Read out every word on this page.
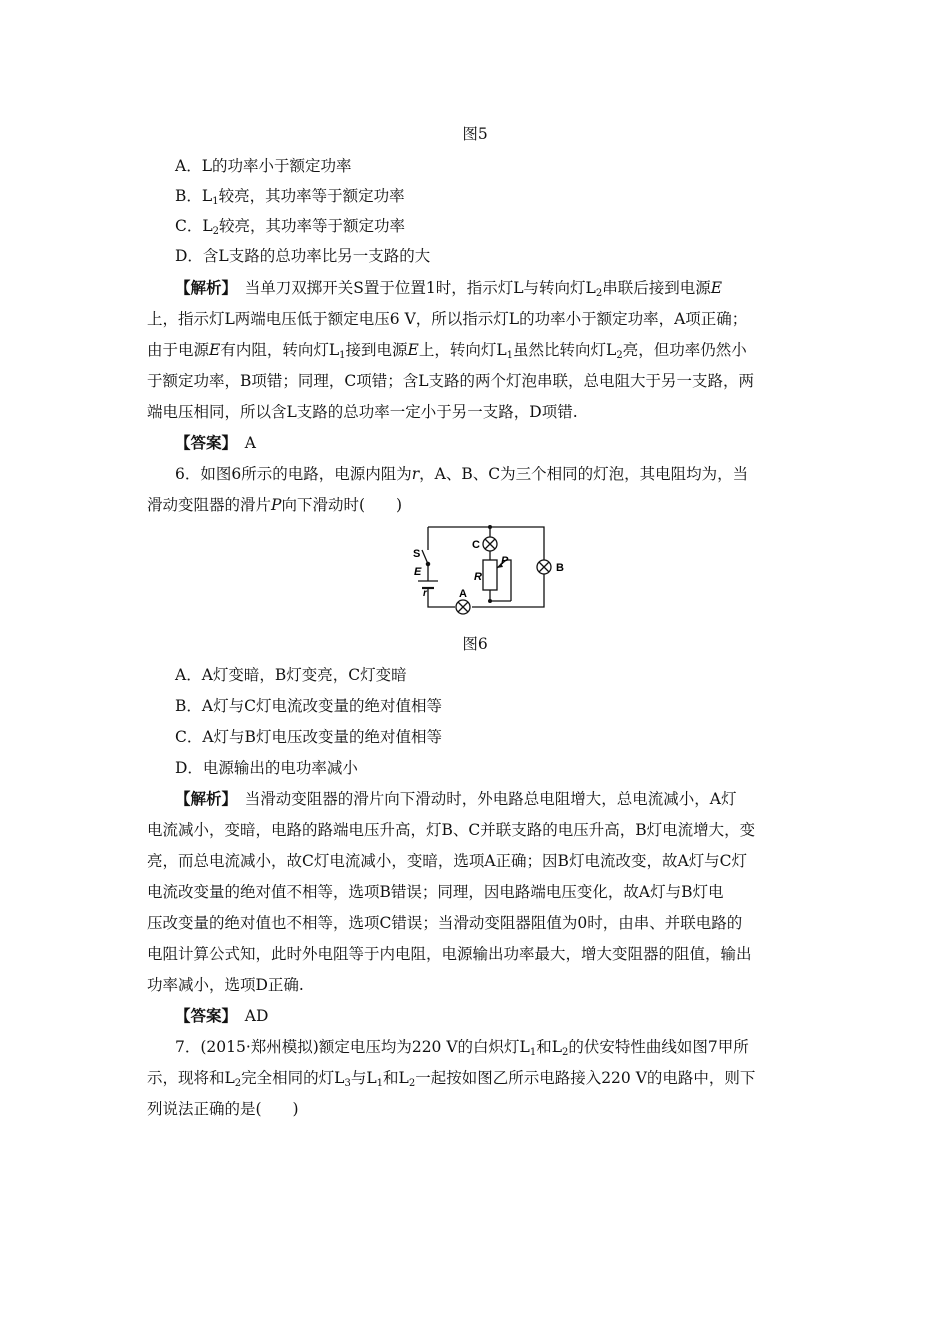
图5
A．L的功率小于额定功率
B．$L_1$较亮，其功率等于额定功率
C．$L_2$较亮，其功率等于额定功率
D．含L支路的总功率比另一支路的大
【解析】　 当单刀双掷开关S置于位置1时，指示灯L与转向灯$L_2$串联后接到电源E
上，指示灯L两端电压低于额定电压6 V，所以指示灯L的功率小于额定功率，A项正确；
由于电源E有内阻，转向灯$L_1$接到电源E上，转向灯$L_1$虽然比转向灯$L_2$亮，但功率仍然小
于额定功率，B项错；同理，C项错；含L支路的两个灯泡串联，总电阻大于另一支路，两
端电压相同，所以含L支路的总功率一定小于另一支路，D项错.
【答案】　 A
6．如图6所示的电路，电源内阻为r，A、B、C为三个相同的灯泡，其电阻均为，当
滑动变阻器的滑片P向下滑动时(　　)
S
E
r
C
R
P
A
B
图6
A．A灯变暗，B灯变亮，C灯变暗
B．A灯与C灯电流改变量的绝对值相等
C．A灯与B灯电压改变量的绝对值相等
D．电源输出的电功率减小
【解析】　 当滑动变阻器的滑片向下滑动时，外电路总电阻增大，总电流减小，A灯
电流减小，变暗，电路的路端电压升高，灯B、C并联支路的电压升高，B灯电流增大，变
亮，而总电流减小，故C灯电流减小，变暗，选项A正确；因B灯电流改变，故A灯与C灯
电流改变量的绝对值不相等，选项B错误；同理，因电路端电压变化，故A灯与B灯电
压改变量的绝对值也不相等，选项C错误；当滑动变阻器阻值为0时，由串、并联电路的
电阻计算公式知，此时外电阻等于内电阻，电源输出功率最大，增大变阻器的阻值，输出
功率减小，选项D正确.
【答案】　 AD
7．(2015·郑州模拟)额定电压均为220 V的白炽灯$L_1$和$L_2$的伏安特性曲线如图7甲所
示，现将和$L_2$完全相同的灯$L_3$与$L_1$和$L_2$一起按如图乙所示电路接入220 V的电路中，则下
列说法正确的是(　　)
